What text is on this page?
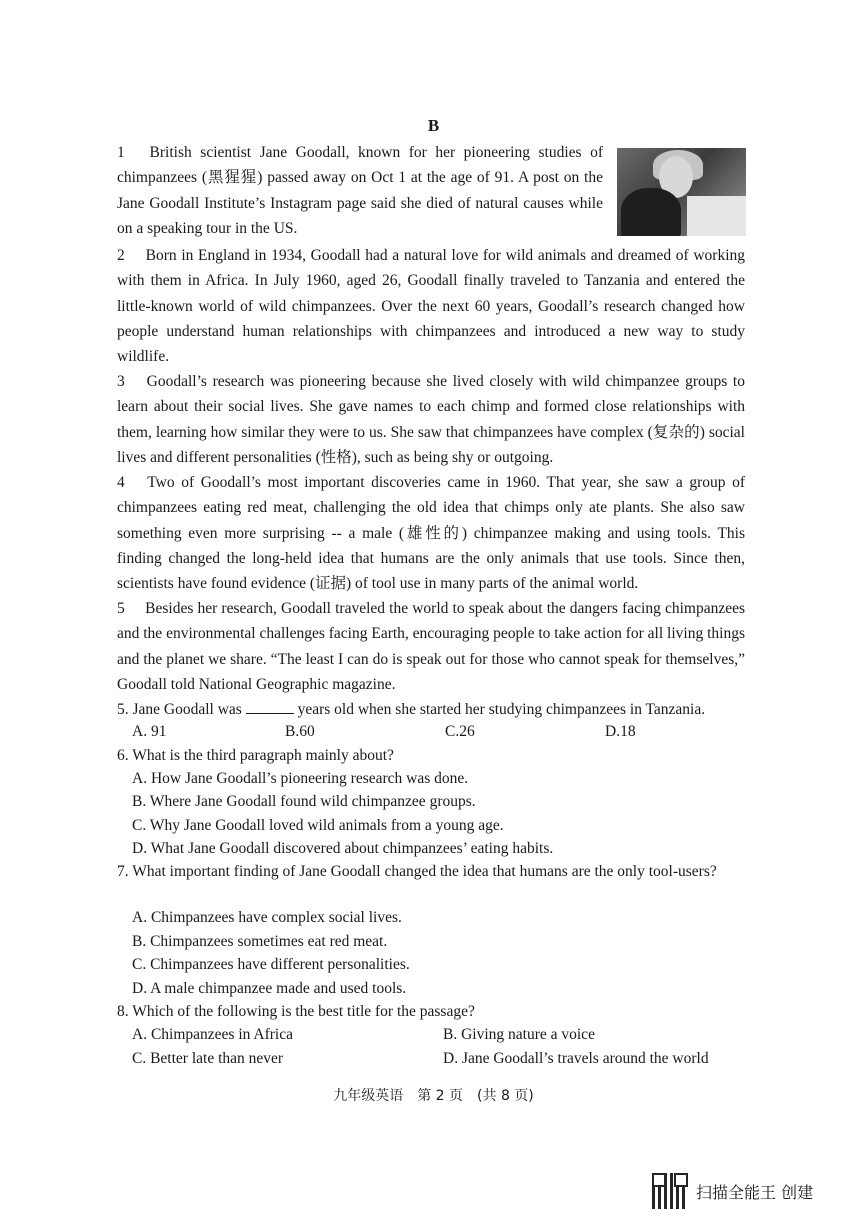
B
1 British scientist Jane Goodall, known for her pioneering studies of chimpanzees (黑猩猩) passed away on Oct 1 at the age of 91. A post on the Jane Goodall Institute’s Instagram page said she died of natural causes while on a speaking tour in the US.
2 Born in England in 1934, Goodall had a natural love for wild animals and dreamed of working with them in Africa. In July 1960, aged 26, Goodall finally traveled to Tanzania and entered the little-known world of wild chimpanzees. Over the next 60 years, Goodall’s research changed how people understand human relationships with chimpanzees and introduced a new way to study wildlife.
3 Goodall’s research was pioneering because she lived closely with wild chimpanzee groups to learn about their social lives. She gave names to each chimp and formed close relationships with them, learning how similar they were to us. She saw that chimpanzees have complex (复杂的) social lives and different personalities (性格), such as being shy or outgoing.
4 Two of Goodall’s most important discoveries came in 1960. That year, she saw a group of chimpanzees eating red meat, challenging the old idea that chimps only ate plants. She also saw something even more surprising -- a male (雄性的) chimpanzee making and using tools. This finding changed the long-held idea that humans are the only animals that use tools. Since then, scientists have found evidence (证据) of tool use in many parts of the animal world.
5 Besides her research, Goodall traveled the world to speak about the dangers facing chimpanzees and the environmental challenges facing Earth, encouraging people to take action for all living things and the planet we share. “The least I can do is speak out for those who cannot speak for themselves,” Goodall told National Geographic magazine.
5. Jane Goodall was	years old when she started her studying chimpanzees in Tanzania.
A. 91	B.60	C.26	D.18
6. What is the third paragraph mainly about?
A. How Jane Goodall’s pioneering research was done.
B. Where Jane Goodall found wild chimpanzee groups.
C. Why Jane Goodall loved wild animals from a young age.
D. What Jane Goodall discovered about chimpanzees’ eating habits.
7. What important finding of Jane Goodall changed the idea that humans are the only tool-users?
A. Chimpanzees have complex social lives.
B. Chimpanzees sometimes eat red meat.
C. Chimpanzees have different personalities.
D. A male chimpanzee made and used tools.
8. Which of the following is the best title for the passage?
A. Chimpanzees in Africa	B. Giving nature a voice
C. Better late than never	D. Jane Goodall’s travels around the world
九年级英语　第 2 页　(共 8 页)
扫描全能王 创建
